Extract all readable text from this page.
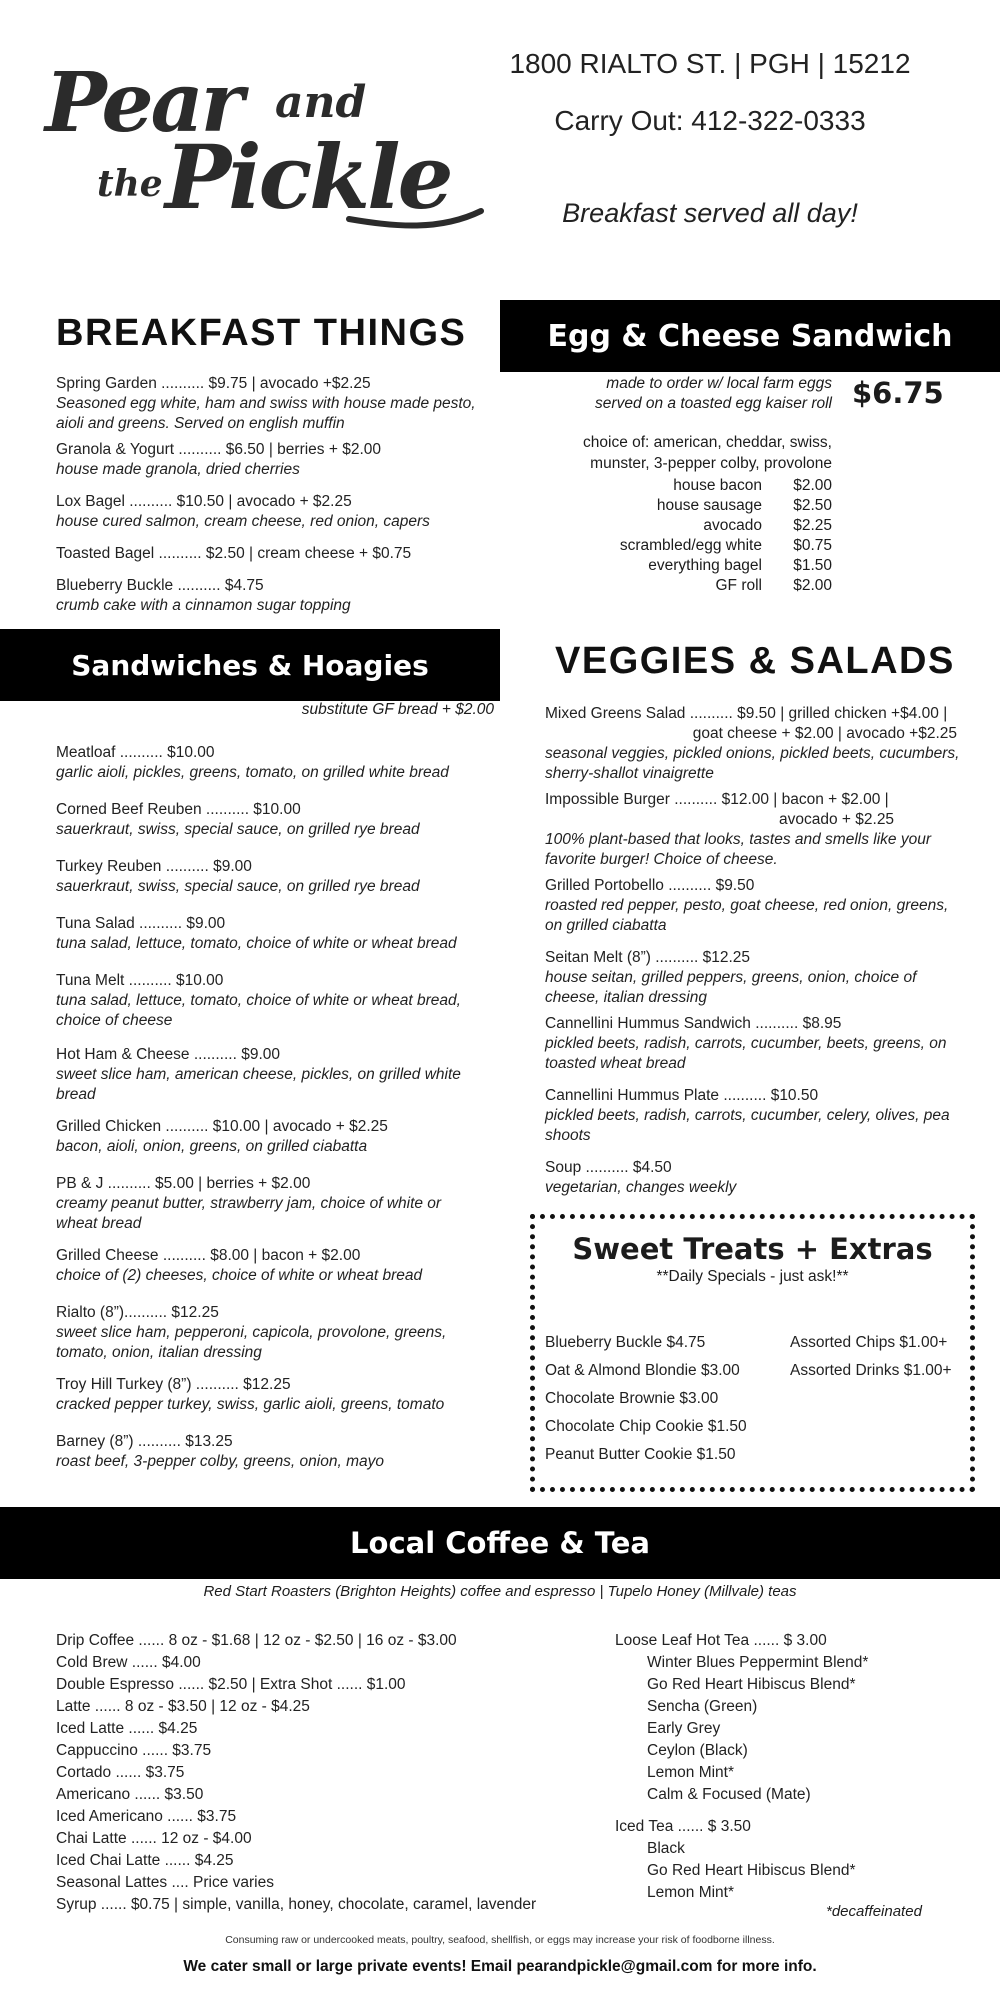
Pear and
the Pickle
1800 RIALTO ST. | PGH | 15212
Carry Out: 412-322-0333
Breakfast served all day!
BREAKFAST THINGS
Spring Garden .......... $9.75 | avocado +$2.25
Seasoned egg white, ham and swiss with house made pesto, aioli and greens. Served on english muffin
Granola & Yogurt .......... $6.50 | berries + $2.00
house made granola, dried cherries
Lox Bagel .......... $10.50 | avocado + $2.25
house cured salmon, cream cheese, red onion, capers
Toasted Bagel .......... $2.50 | cream cheese + $0.75
Blueberry Buckle .......... $4.75
crumb cake with a cinnamon sugar topping
Egg & Cheese Sandwich
made to order w/ local farm eggs
served on a toasted egg kaiser roll $6.75
choice of: american, cheddar, swiss,
munster, 3-pepper colby, provolone
house bacon	$2.00
house sausage	$2.50
avocado	$2.25
scrambled/egg white	$0.75
everything bagel	$1.50
GF roll	$2.00
Sandwiches & Hoagies
substitute GF bread + $2.00
Meatloaf .......... $10.00
garlic aioli, pickles, greens, tomato, on grilled white bread
Corned Beef Reuben .......... $10.00
sauerkraut, swiss, special sauce, on grilled rye bread
Turkey Reuben .......... $9.00
sauerkraut, swiss, special sauce, on grilled rye bread
Tuna Salad .......... $9.00
tuna salad, lettuce, tomato, choice of white or wheat bread
Tuna Melt .......... $10.00
tuna salad, lettuce, tomato, choice of white or wheat bread, choice of cheese
Hot Ham & Cheese .......... $9.00
sweet slice ham, american cheese, pickles, on grilled white bread
Grilled Chicken .......... $10.00 | avocado + $2.25
bacon, aioli, onion, greens, on grilled ciabatta
PB & J .......... $5.00 | berries + $2.00
creamy peanut butter, strawberry jam, choice of white or wheat bread
Grilled Cheese .......... $8.00 | bacon + $2.00
choice of (2) cheeses, choice of white or wheat bread
Rialto (8”).......... $12.25
sweet slice ham, pepperoni, capicola, provolone, greens, tomato, onion, italian dressing
Troy Hill Turkey (8”) .......... $12.25
cracked pepper turkey, swiss, garlic aioli, greens, tomato
Barney (8”) .......... $13.25
roast beef, 3-pepper colby, greens, onion, mayo
VEGGIES & SALADS
Mixed Greens Salad .......... $9.50 | grilled chicken +$4.00 |
goat cheese + $2.00 | avocado +$2.25
seasonal veggies, pickled onions, pickled beets, cucumbers, sherry-shallot vinaigrette
Impossible Burger .......... $12.00 | bacon + $2.00 |
avocado + $2.25
100% plant-based that looks, tastes and smells like your favorite burger! Choice of cheese.
Grilled Portobello .......... $9.50
roasted red pepper, pesto, goat cheese, red onion, greens, on grilled ciabatta
Seitan Melt (8”) .......... $12.25
house seitan, grilled peppers, greens, onion, choice of cheese, italian dressing
Cannellini Hummus Sandwich .......... $8.95
pickled beets, radish, carrots, cucumber, beets, greens, on toasted wheat bread
Cannellini Hummus Plate .......... $10.50
pickled beets, radish, carrots, cucumber, celery, olives, pea shoots
Soup .......... $4.50
vegetarian, changes weekly
Sweet Treats + Extras
**Daily Specials - just ask!**
Blueberry Buckle $4.75
Oat & Almond Blondie $3.00
Chocolate Brownie $3.00
Chocolate Chip Cookie $1.50
Peanut Butter Cookie $1.50
Assorted Chips $1.00+
Assorted Drinks $1.00+
Local Coffee & Tea
Red Start Roasters (Brighton Heights) coffee and espresso | Tupelo Honey (Millvale) teas
Drip Coffee ...... 8 oz - $1.68 | 12 oz - $2.50 | 16 oz - $3.00
Cold Brew ...... $4.00
Double Espresso ...... $2.50 | Extra Shot ...... $1.00
Latte ...... 8 oz - $3.50 | 12 oz - $4.25
Iced Latte ...... $4.25
Cappuccino ...... $3.75
Cortado ...... $3.75
Americano ...... $3.50
Iced Americano ...... $3.75
Chai Latte ...... 12 oz - $4.00
Iced Chai Latte ...... $4.25
Seasonal Lattes .... Price varies
Syrup ...... $0.75 | simple, vanilla, honey, chocolate, caramel, lavender
Loose Leaf Hot Tea ...... $ 3.00
Winter Blues Peppermint Blend*
Go Red Heart Hibiscus Blend*
Sencha (Green)
Early Grey
Ceylon (Black)
Lemon Mint*
Calm & Focused (Mate)
Iced Tea ...... $ 3.50
Black
Go Red Heart Hibiscus Blend*
Lemon Mint*
*decaffeinated
Consuming raw or undercooked meats, poultry, seafood, shellfish, or eggs may increase your risk of foodborne illness.
We cater small or large private events! Email pearandpickle@gmail.com for more info.
